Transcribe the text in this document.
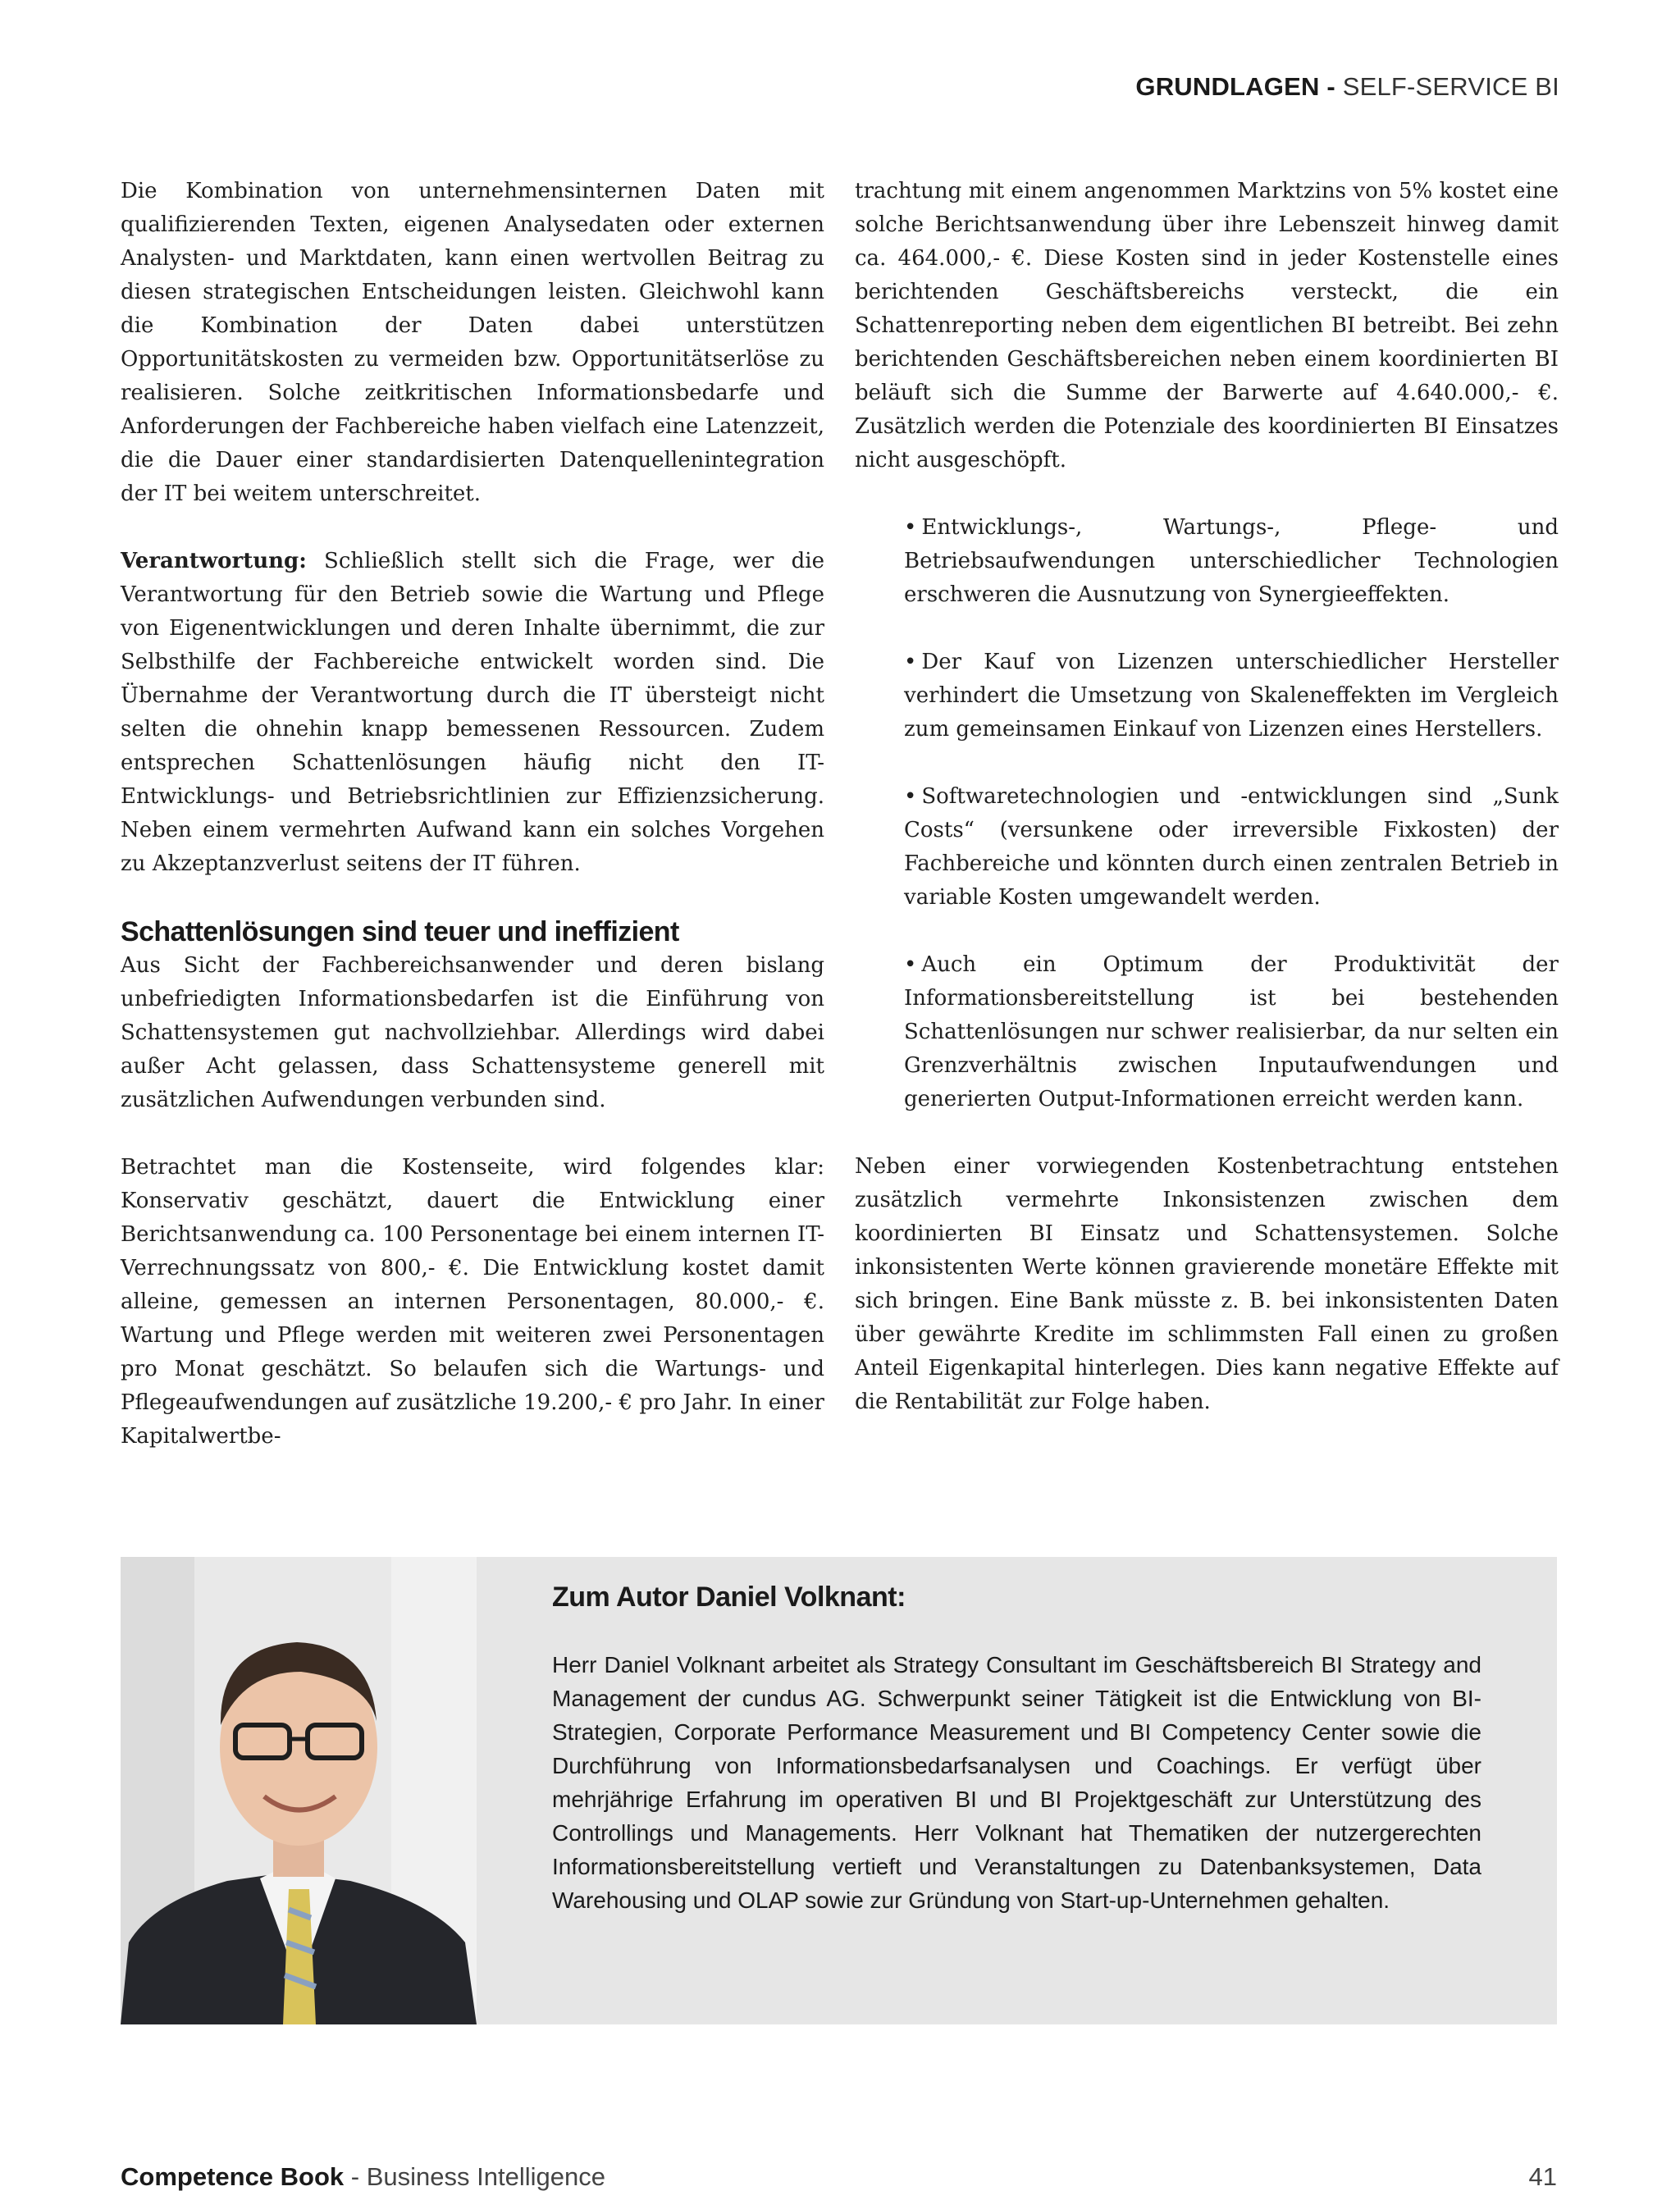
GRUNDLAGEN - SELF-SERVICE BI

Die Kombination von unternehmensinternen Daten mit qualifizierenden Texten, eigenen Analysedaten oder externen Analysten- und Marktdaten, kann einen wertvollen Beitrag zu diesen strategischen Entscheidungen leisten. Gleichwohl kann die Kombination der Daten dabei unterstützen Opportunitätskosten zu vermeiden bzw. Opportunitätserlöse zu realisieren. Solche zeitkritischen Informationsbedarfe und Anforderungen der Fachbereiche haben vielfach eine Latenzzeit, die die Dauer einer standardisierten Datenquellenintegration der IT bei weitem unterschreitet.

Verantwortung: Schließlich stellt sich die Frage, wer die Verantwortung für den Betrieb sowie die Wartung und Pflege von Eigenentwicklungen und deren Inhalte übernimmt, die zur Selbsthilfe der Fachbereiche entwickelt worden sind. Die Übernahme der Verantwortung durch die IT übersteigt nicht selten die ohnehin knapp bemessenen Ressourcen. Zudem entsprechen Schattenlösungen häufig nicht den IT-Entwicklungs- und Betriebsrichtlinien zur Effizienzsicherung. Neben einem vermehrten Aufwand kann ein solches Vorgehen zu Akzeptanzverlust seitens der IT führen.

Schattenlösungen sind teuer und ineffizient

Aus Sicht der Fachbereichsanwender und deren bislang unbefriedigten Informationsbedarfen ist die Einführung von Schattensystemen gut nachvollziehbar. Allerdings wird dabei außer Acht gelassen, dass Schattensysteme generell mit zusätzlichen Aufwendungen verbunden sind.

Betrachtet man die Kostenseite, wird folgendes klar: Konservativ geschätzt, dauert die Entwicklung einer Berichtsanwendung ca. 100 Personentage bei einem internen IT-Verrechnungssatz von 800,- €. Die Entwicklung kostet damit alleine, gemessen an internen Personentagen, 80.000,- €. Wartung und Pflege werden mit weiteren zwei Personentagen pro Monat geschätzt. So belaufen sich die Wartungs- und Pflegeaufwendungen auf zusätzliche 19.200,- € pro Jahr. In einer Kapitalwertbe-

trachtung mit einem angenommen Marktzins von 5% kostet eine solche Berichtsanwendung über ihre Lebenszeit hinweg damit ca. 464.000,- €. Diese Kosten sind in jeder Kostenstelle eines berichtenden Geschäftsbereichs versteckt, die ein Schattenreporting neben dem eigentlichen BI betreibt. Bei zehn berichtenden Geschäftsbereichen neben einem koordinierten BI beläuft sich die Summe der Barwerte auf 4.640.000,- €. Zusätzlich werden die Potenziale des koordinierten BI Einsatzes nicht ausgeschöpft.

• Entwicklungs-, Wartungs-, Pflege- und Betriebsaufwendungen unterschiedlicher Technologien erschweren die Ausnutzung von Synergieeffekten.
• Der Kauf von Lizenzen unterschiedlicher Hersteller verhindert die Umsetzung von Skaleneffekten im Vergleich zum gemeinsamen Einkauf von Lizenzen eines Herstellers.
• Softwaretechnologien und -entwicklungen sind „Sunk Costs“ (versunkene oder irreversible Fixkosten) der Fachbereiche und könnten durch einen zentralen Betrieb in variable Kosten umgewandelt werden.
• Auch ein Optimum der Produktivität der Informationsbereitstellung ist bei bestehenden Schattenlösungen nur schwer realisierbar, da nur selten ein Grenzverhältnis zwischen Inputaufwendungen und generierten Output-Informationen erreicht werden kann.

Neben einer vorwiegenden Kostenbetrachtung entstehen zusätzlich vermehrte Inkonsistenzen zwischen dem koordinierten BI Einsatz und Schattensystemen. Solche inkonsistenten Werte können gravierende monetäre Effekte mit sich bringen. Eine Bank müsste z. B. bei inkonsistenten Daten über gewährte Kredite im schlimmsten Fall einen zu großen Anteil Eigenkapital hinterlegen. Dies kann negative Effekte auf die Rentabilität zur Folge haben.

Zum Autor Daniel Volknant:

Herr Daniel Volknant arbeitet als Strategy Consultant im Geschäftsbereich BI Strategy and Management der cundus AG. Schwerpunkt seiner Tätigkeit ist die Entwicklung von BI-Strategien, Corporate Performance Measurement und BI Competency Center sowie die Durchführung von Informationsbedarfsanalysen und Coachings. Er verfügt über mehrjährige Erfahrung im operativen BI und BI Projektgeschäft zur Unterstützung des Controllings und Managements. Herr Volknant hat Thematiken der nutzergerechten Informationsbereitstellung vertieft und Veranstaltungen zu Datenbanksystemen, Data Warehousing und OLAP sowie zur Gründung von Start-up-Unternehmen gehalten.

Competence Book - Business Intelligence	41
